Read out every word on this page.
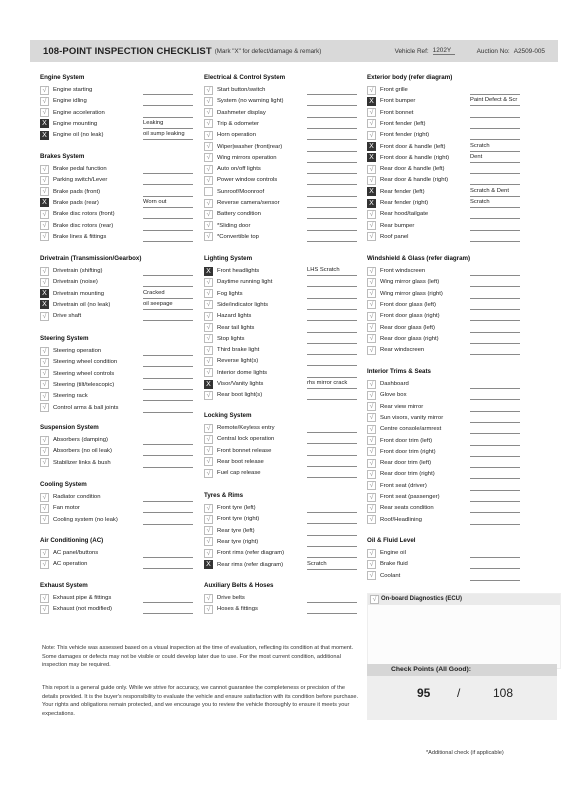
108-POINT INSPECTION CHECKLIST (Mark "X" for defect/damage & remark)	Vehicle Ref: 1202Y	Auction No: A2509-005
Engine System
√	Engine starting
√	Engine idling
√	Engine acceleration
X	Engine mounting	Leaking
X	Engine oil (no leak)	oil sump leaking
Brakes System
√	Brake pedal function
√	Parking switch/Lever
√	Brake pads (front)
X	Brake pads (rear)	Worn out
√	Brake disc rotors (front)
√	Brake disc rotors (rear)
√	Brake lines & fittings
Drivetrain (Transmission/Gearbox)
√	Drivetrain (shifting)
√	Drivetrain (noise)
X	Drivetrain mounting	Cracked
X	Drivetrain oil (no leak)	oil seepage
√	Drive shaft
Steering System
√	Steering operation
√	Steering wheel condition
√	Steering wheel controls
√	Steering (tilt/telescopic)
√	Steering rack
√	Control arms & ball joints
Suspension System
√	Absorbers (damping)
√	Absorbers (no oil leak)
√	Stabilizer links & bush
Cooling System
√	Radiator condition
√	Fan motor
√	Cooling system (no leak)
Air Conditioning (AC)
√	AC panel/buttons
√	AC operation
Exhaust System
√	Exhaust pipe & fittings
√	Exhaust (not modified)
Electrical & Control System
√	Start button/switch
√	System (no warning light)
√	Dashmeter display
√	Trip & odometer
√	Horn operation
√	Wiper|washer (front|rear)
√	Wing mirrors operation
√	Auto on/off lights
√	Power window controls
Sunroof/Moonroof
√	Reverse camera/sensor
√	Battery condition
√	*Sliding door
√	*Convertible top
Lighting System
X	Front headlights	LHS Scratch
√	Daytime running light
√	Fog lights
√	Side/indicator lights
√	Hazard lights
√	Rear tail lights
√	Stop lights
√	Third brake light
√	Reverse light(s)
√	Interior dome lights
X	Visor/Vanity lights	rhs mirror crack
√	Rear boot light(s)
Locking System
√	Remote/Keyless entry
√	Central lock operation
√	Front bonnet release
√	Rear boot release
√	Fuel cap release
Tyres & Rims
√	Front tyre (left)
√	Front tyre (right)
√	Rear tyre (left)
√	Rear tyre (right)
√	Front rims (refer diagram)
X	Rear rims (refer diagram)	Scratch
Auxiliary Belts & Hoses
√	Drive belts
√	Hoses & fittings
Exterior body (refer diagram)
√	Front grille
X	Front bumper	Paint Defect & Scr
√	Front bonnet
√	Front fender (left)
√	Front fender (right)
X	Front door & handle (left)	Scratch
X	Front door & handle (right)	Dent
√	Rear door & handle (left)
√	Rear door & handle (right)
X	Rear fender (left)	Scratch & Dent
X	Rear fender (right)	Scratch
√	Rear hood/tailgate
√	Rear bumper
√	Roof panel
Windshield & Glass (refer diagram)
√	Front windscreen
√	Wing mirror glass (left)
√	Wing mirror glass (right)
√	Front door glass (left)
√	Front door glass (right)
√	Rear door glass (left)
√	Rear door glass (right)
√	Rear windscreen
Interior Trims & Seats
√	Dashboard
√	Glove box
√	Rear view mirror
√	Sun visors, vanity mirror
√	Centre console/armrest
√	Front door trim (left)
√	Front door trim (right)
√	Rear door trim (left)
√	Rear door trim (right)
√	Front seat (driver)
√	Front seat (passenger)
√	Rear seats condition
√	Roof/Headlining
Oil & Fluid Level
√	Engine oil
√	Brake fluid
√	Coolant
√ On-board Diagnostics (ECU)
Note: This vehicle was assessed based on a visual inspection at the time of evaluation, reflecting its condition at that moment. Some damages or defects may not be visible or could develop later due to use. For the most current condition, additional inspection may be required.
This report is a general guide only. While we strive for accuracy, we cannot guarantee the completeness or precision of the details provided. It is the buyer's responsibility to evaluate the vehicle and ensure satisfaction with its condition before purchase. Your rights and obligations remain protected, and we encourage you to review the vehicle thoroughly to ensure it meets your expectations.
Check Points (All Good):
95 /	108
*Additional check (if applicable)
